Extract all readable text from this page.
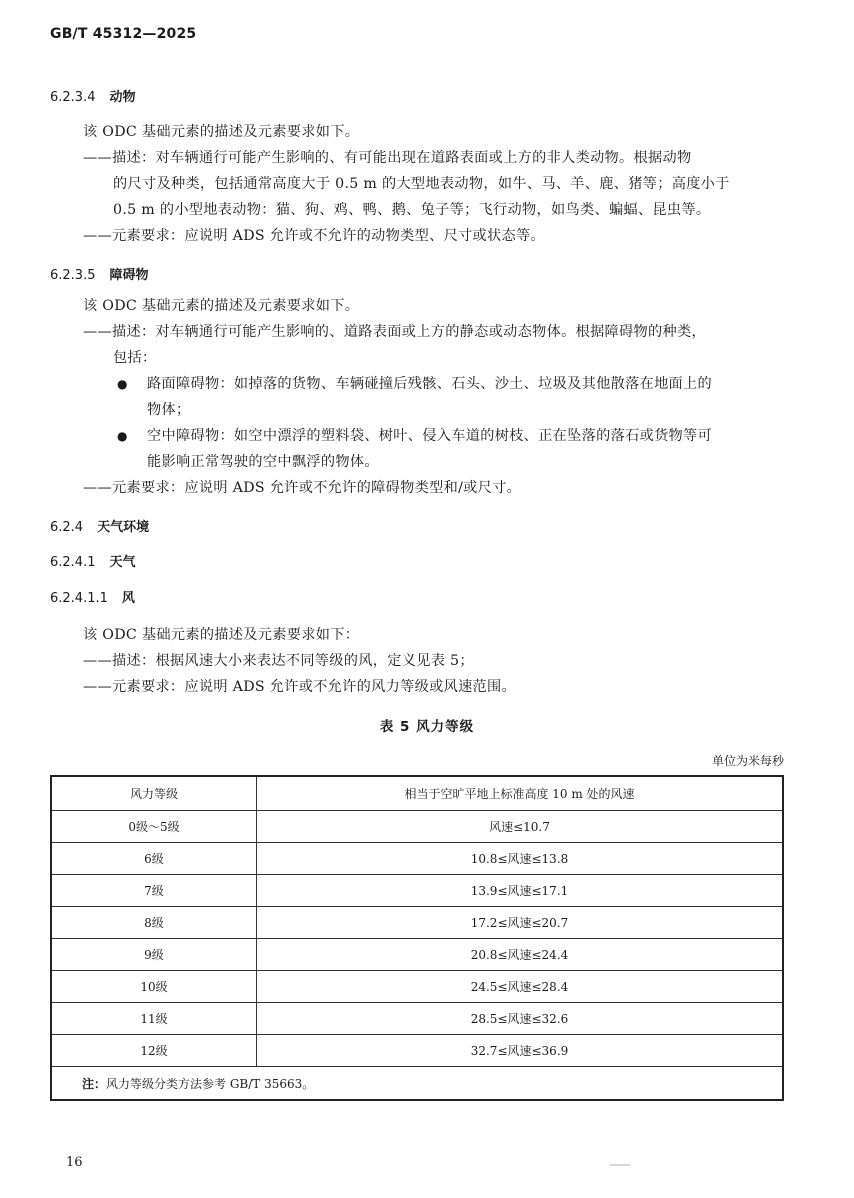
GB/T 45312—2025
6.2.3.4 动物
该 ODC 基础元素的描述及元素要求如下。
——描述：对车辆通行可能产生影响的、有可能出现在道路表面或上方的非人类动物。根据动物
的尺寸及种类，包括通常高度大于 0.5 m 的大型地表动物，如牛、马、羊、鹿、猪等；高度小于
0.5 m 的小型地表动物：猫、狗、鸡、鸭、鹅、兔子等；飞行动物，如鸟类、蝙蝠、昆虫等。
——元素要求：应说明 ADS 允许或不允许的动物类型、尺寸或状态等。
6.2.3.5 障碍物
该 ODC 基础元素的描述及元素要求如下。
——描述：对车辆通行可能产生影响的、道路表面或上方的静态或动态物体。根据障碍物的种类，
包括：
● 路面障碍物：如掉落的货物、车辆碰撞后残骸、石头、沙土、垃圾及其他散落在地面上的
物体；
● 空中障碍物：如空中漂浮的塑料袋、树叶、侵入车道的树枝、正在坠落的落石或货物等可
能影响正常驾驶的空中飘浮的物体。
——元素要求：应说明 ADS 允许或不允许的障碍物类型和/或尺寸。
6.2.4 天气环境
6.2.4.1 天气
6.2.4.1.1 风
该 ODC 基础元素的描述及元素要求如下：
——描述：根据风速大小来表达不同等级的风，定义见表 5；
——元素要求：应说明 ADS 允许或不允许的风力等级或风速范围。
表 5 风力等级
单位为米每秒
风力等级	相当于空旷平地上标准高度 10 m 处的风速
0级～5级	风速≤10.7
6级	10.8≤风速≤13.8
7级	13.9≤风速≤17.1
8级	17.2≤风速≤20.7
9级	20.8≤风速≤24.4
10级	24.5≤风速≤28.4
11级	28.5≤风速≤32.6
12级	32.7≤风速≤36.9
注：风力等级分类方法参考 GB/T 35663。	
16
